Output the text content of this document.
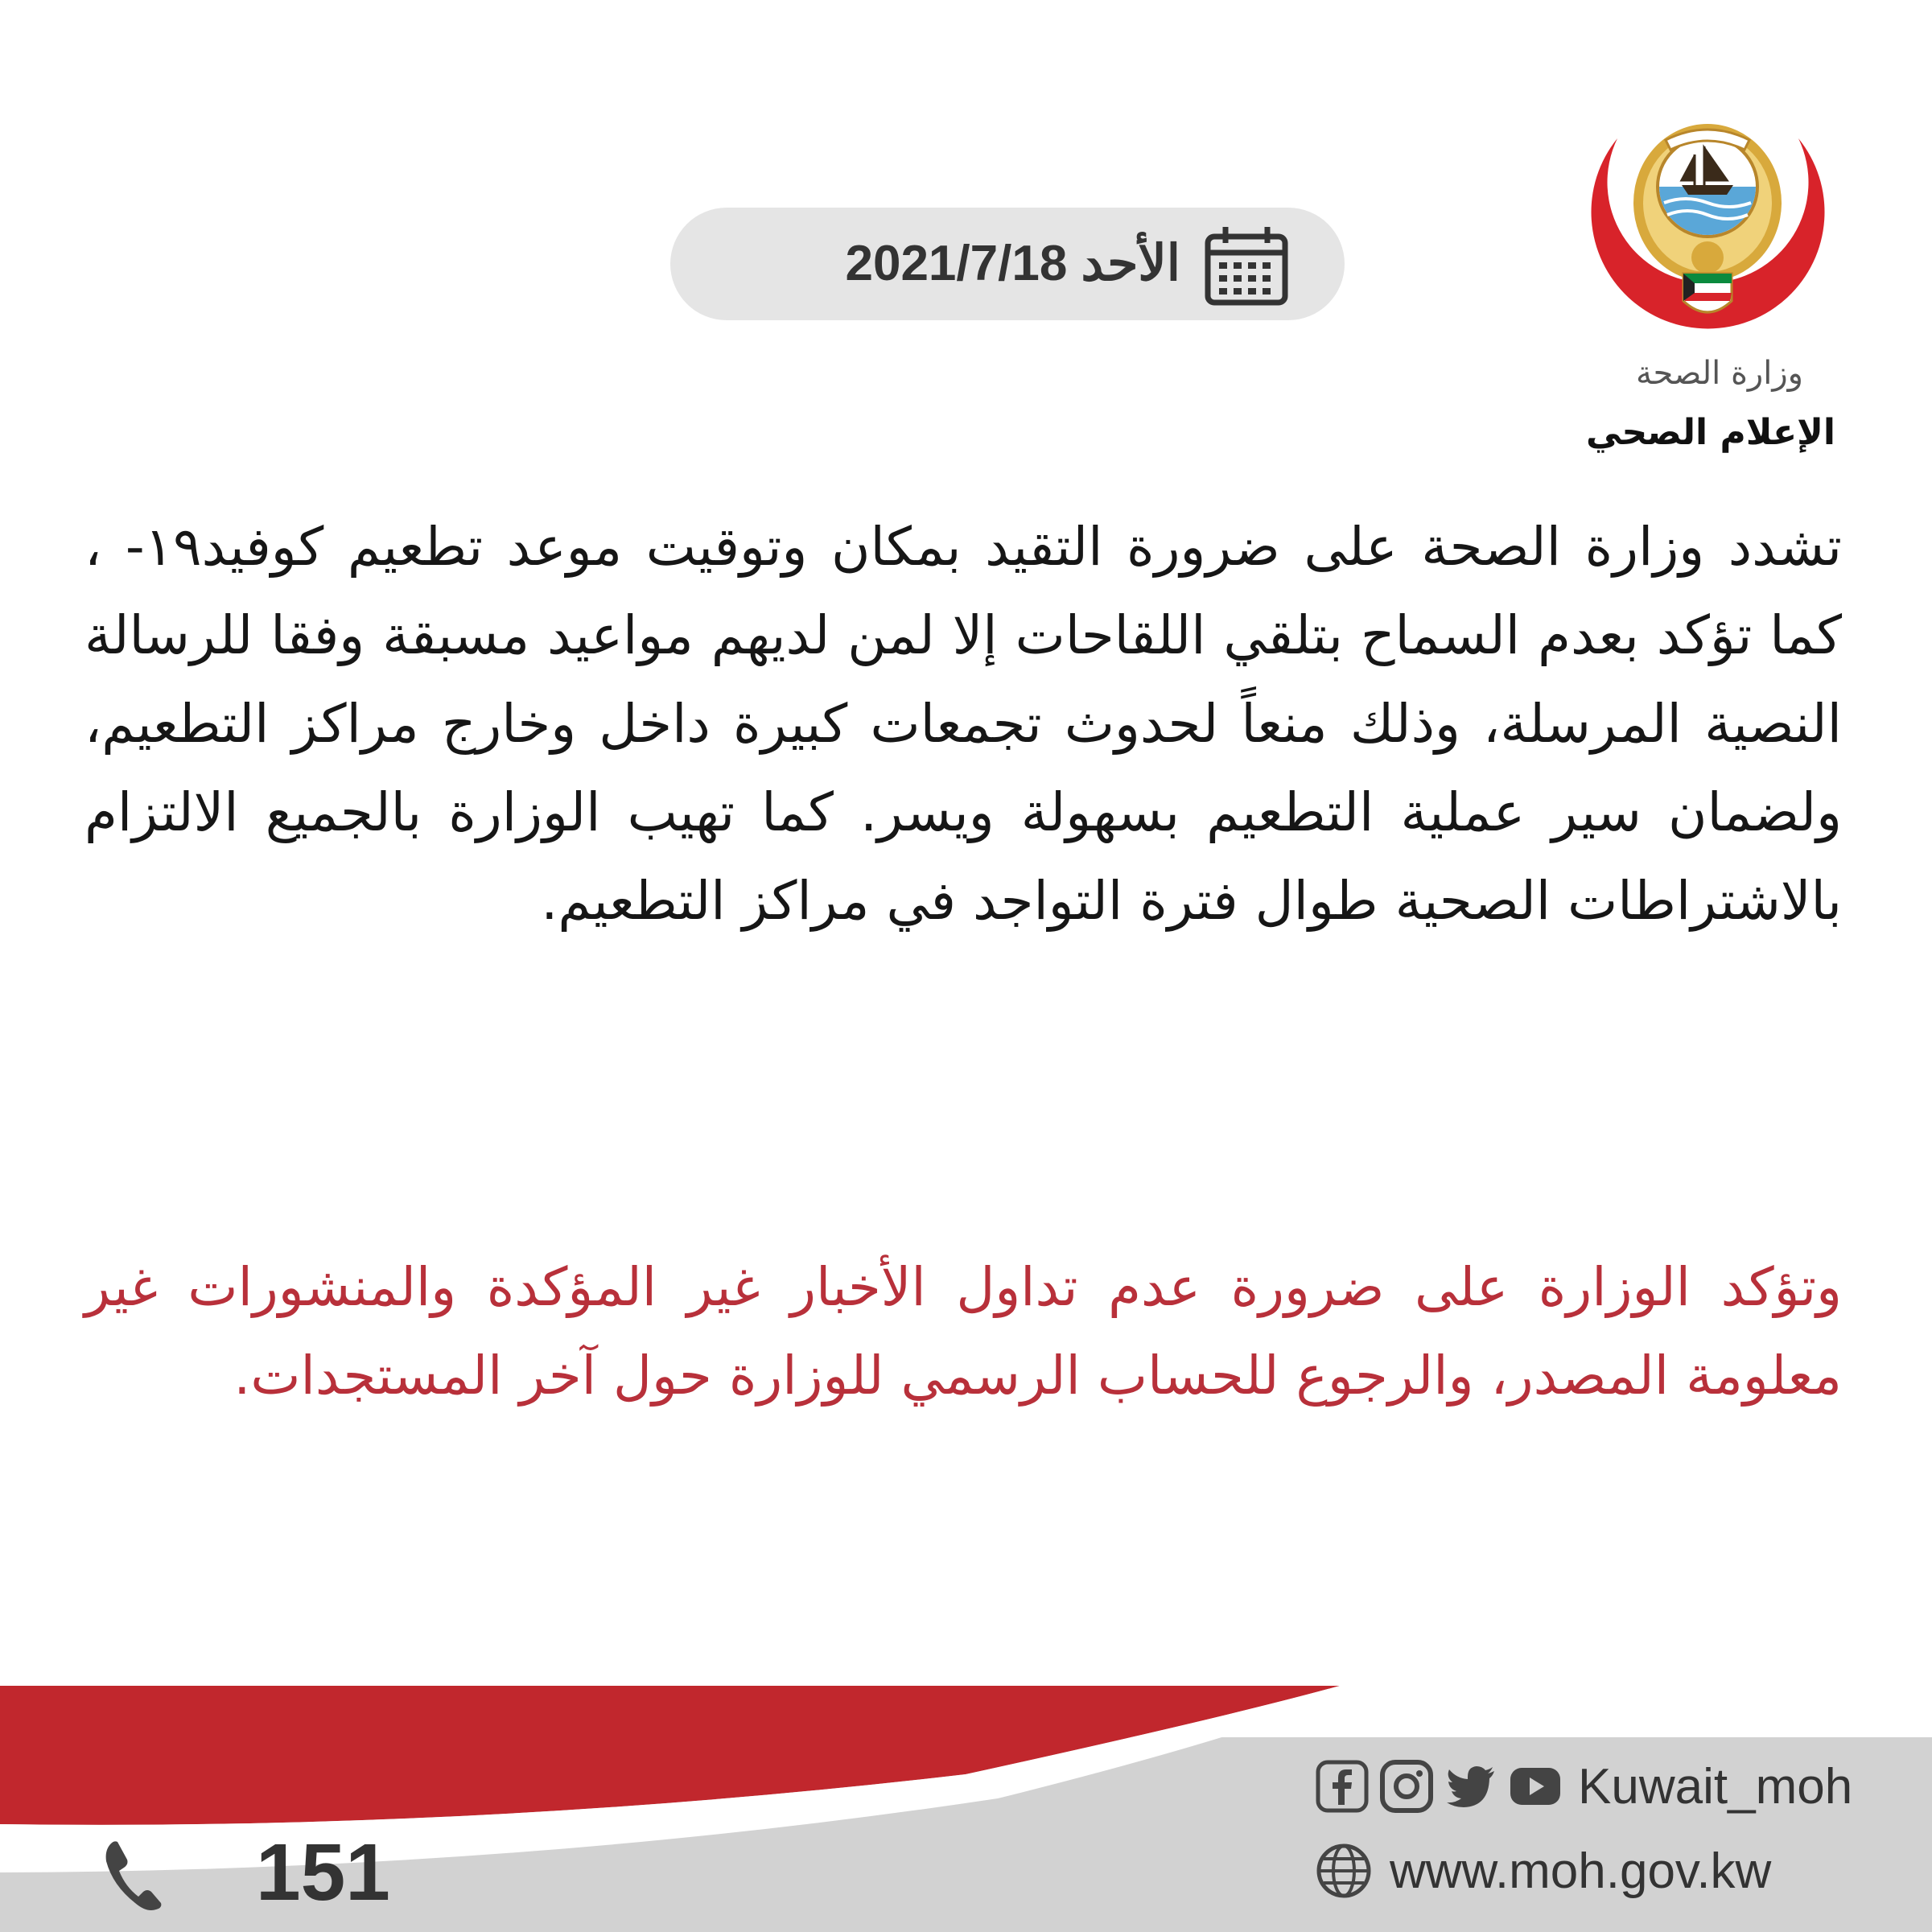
وزارة الصحة
الإعلام الصحي
الأحد 2021/7/18

تشدد وزارة الصحة على ضرورة التقيد بمكان وتوقيت موعد تطعيم كوفيد١٩- ، كما تؤكد بعدم السماح بتلقي اللقاحات إلا لمن لديهم مواعيد مسبقة وفقا للرسالة النصية المرسلة، وذلك منعاً لحدوث تجمعات كبيرة داخل وخارج مراكز التطعيم، ولضمان سير عملية التطعيم بسهولة ويسر. كما تهيب الوزارة بالجميع الالتزام بالاشتراطات الصحية طوال فترة التواجد في مراكز التطعيم.

وتؤكد الوزارة على ضرورة عدم تداول الأخبار غير المؤكدة والمنشورات غير معلومة المصدر، والرجوع للحساب الرسمي للوزارة حول آخر المستجدات.

Kuwait_moh
www.moh.gov.kw
151
